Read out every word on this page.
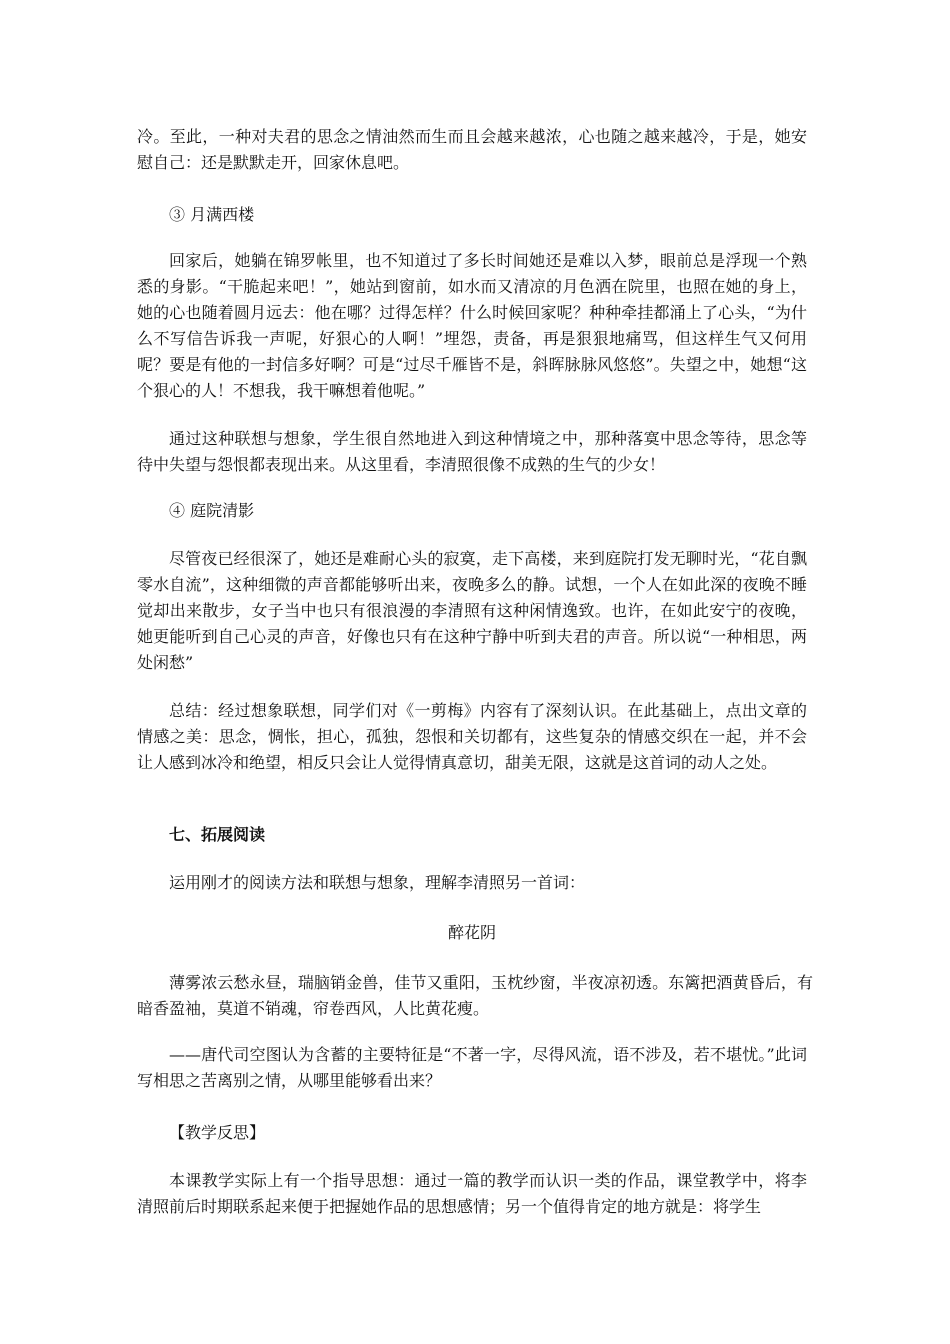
冷。至此，一种对夫君的思念之情油然而生而且会越来越浓，心也随之越来越冷，于是，她安慰自己：还是默默走开，回家休息吧。

③ 月满西楼

回家后，她躺在锦罗帐里，也不知道过了多长时间她还是难以入梦，眼前总是浮现一个熟悉的身影。“干脆起来吧！”，她站到窗前，如水而又清凉的月色洒在院里，也照在她的身上，她的心也随着圆月远去：他在哪？过得怎样？什么时候回家呢？种种牵挂都涌上了心头，“为什么不写信告诉我一声呢，好狠心的人啊！”埋怨，责备，再是狠狠地痛骂，但这样生气又何用呢？要是有他的一封信多好啊？可是“过尽千雁皆不是，斜晖脉脉风悠悠”。失望之中，她想“这个狠心的人！不想我，我干嘛想着他呢。”

通过这种联想与想象，学生很自然地进入到这种情境之中，那种落寞中思念等待，思念等待中失望与怨恨都表现出来。从这里看，李清照很像不成熟的生气的少女！

④ 庭院清影

尽管夜已经很深了，她还是难耐心头的寂寞，走下高楼，来到庭院打发无聊时光，“花自飘零水自流”，这种细微的声音都能够听出来，夜晚多么的静。试想，一个人在如此深的夜晚不睡觉却出来散步，女子当中也只有很浪漫的李清照有这种闲情逸致。也许，在如此安宁的夜晚，她更能听到自己心灵的声音，好像也只有在这种宁静中听到夫君的声音。所以说“一种相思，两处闲愁”

总结：经过想象联想，同学们对《一剪梅》内容有了深刻认识。在此基础上，点出文章的情感之美：思念，惆怅，担心，孤独，怨恨和关切都有，这些复杂的情感交织在一起，并不会让人感到冰冷和绝望，相反只会让人觉得情真意切，甜美无限，这就是这首词的动人之处。

七、拓展阅读

运用刚才的阅读方法和联想与想象，理解李清照另一首词：

醉花阴

薄雾浓云愁永昼，瑞脑销金兽，佳节又重阳，玉枕纱窗，半夜凉初透。东篱把酒黄昏后，有暗香盈袖，莫道不销魂，帘卷西风，人比黄花瘦。

——唐代司空图认为含蓄的主要特征是“不著一字，尽得风流，语不涉及，若不堪忧。”此词写相思之苦离别之情，从哪里能够看出来？

【教学反思】

本课教学实际上有一个指导思想：通过一篇的教学而认识一类的作品，课堂教学中，将李清照前后时期联系起来便于把握她作品的思想感情；另一个值得肯定的地方就是：将学生
